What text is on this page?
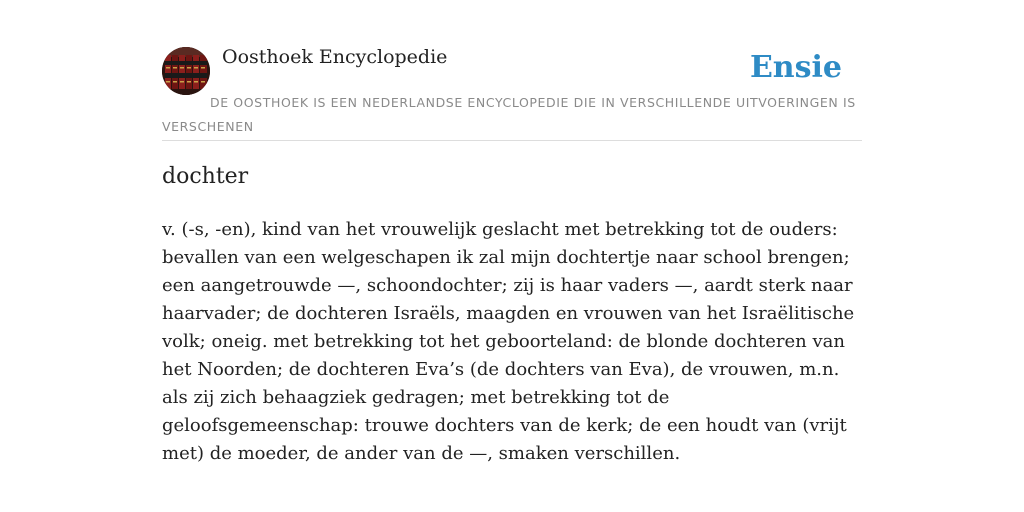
Oosthoek Encyclopedie	Ensie
DE OOSTHOEK IS EEN NEDERLANDSE ENCYCLOPEDIE DIE IN VERSCHILLENDE UITVOERINGEN IS VERSCHENEN
dochter

v. (-s, -en), kind van het vrouwelijk geslacht met betrekking tot de ouders: bevallen van een welgeschapen ik zal mijn dochtertje naar school brengen; een aangetrouwde —, schoondochter; zij is haar vaders —, aardt sterk naar haarvader; de dochteren Israëls, maagden en vrouwen van het Israëlitische volk; oneig. met betrekking tot het geboorteland: de blonde dochteren van het Noorden; de dochteren Eva’s (de dochters van Eva), de vrouwen, m.n. als zij zich behaagziek gedragen; met betrekking tot de geloofsgemeenschap: trouwe dochters van de kerk; de een houdt van (vrijt met) de moeder, de ander van de —, smaken verschillen.
